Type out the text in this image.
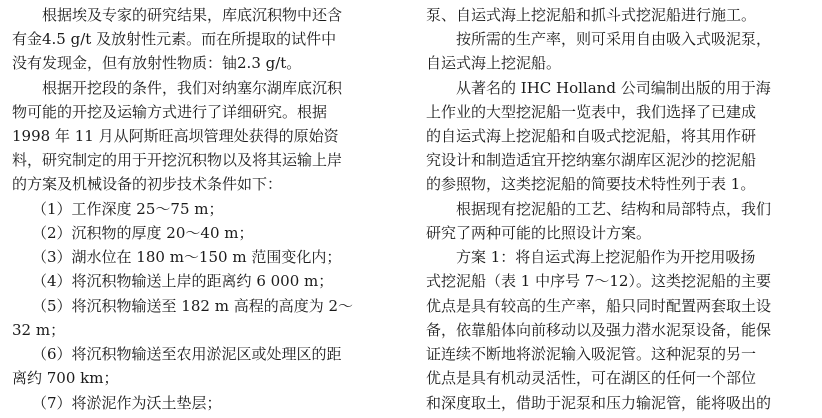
根据埃及专家的研究结果，库底沉积物中还含
有金4.5 g/t 及放射性元素。而在所提取的试件中
没有发现金，但有放射性物质：铀2.3 g/t。
根据开挖段的条件，我们对纳塞尔湖库底沉积
物可能的开挖及运输方式进行了详细研究。根据
1998 年 11 月从阿斯旺高坝管理处获得的原始资
料，研究制定的用于开挖沉积物以及将其运输上岸
的方案及机械设备的初步技术条件如下：
（1）工作深度 25～75 m；
（2）沉积物的厚度 20～40 m；
（3）湖水位在 180 m～150 m 范围变化内；
（4）将沉积物输送上岸的距离约 6 000 m；
（5）将沉积物输送至 182 m 高程的高度为 2～
32 m；
（6）将沉积物输送至农用淤泥区或处理区的距
离约 700 km；
（7）将淤泥作为沃土垫层；
泵、自运式海上挖泥船和抓斗式挖泥船进行施工。
按所需的生产率，则可采用自由吸入式吸泥泵，
自运式海上挖泥船。
从著名的 IHC Holland 公司编制出版的用于海
上作业的大型挖泥船一览表中，我们选择了已建成
的自运式海上挖泥船和自吸式挖泥船，将其用作研
究设计和制造适宜开挖纳塞尔湖库区泥沙的挖泥船
的参照物，这类挖泥船的简要技术特性列于表 1。
根据现有挖泥船的工艺、结构和局部特点，我们
研究了两种可能的比照设计方案。
方案 1：将自运式海上挖泥船作为开挖用吸扬
式挖泥船（表 1 中序号 7～12）。这类挖泥船的主要
优点是具有较高的生产率，船只同时配置两套取土设
备，依靠船体向前移动以及强力潜水泥泵设备，能保
证连续不断地将淤泥输入吸泥管。这种泥泵的另一
优点是具有机动灵活性，可在湖区的任何一个部位
和深度取土，借助于泥泵和压力输泥管，能将吸出的
